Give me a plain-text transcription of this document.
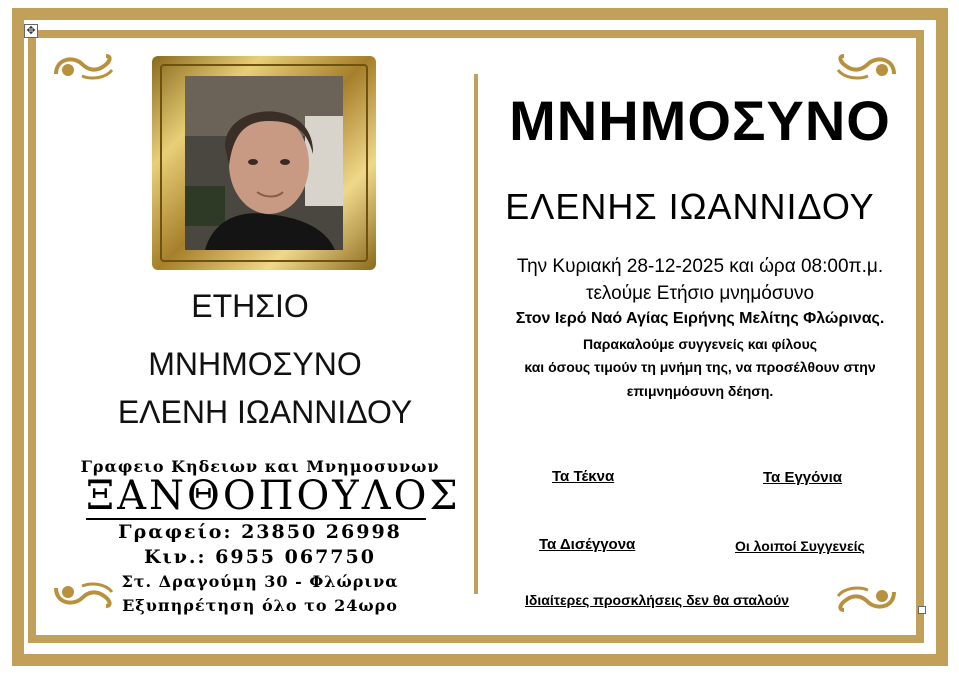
✥
ΕΤΗΣΙΟ
ΜΝΗΜΟΣΥΝΟ
ΕΛΕΝΗ ΙΩΑΝΝΙΔΟΥ
Γραφειο Κηδειων και Μνημοσυνων
ΞΑΝΘΟΠΟΥΛΟΣ
Γραφείο: 23850 26998
Κιν.: 6955 067750
Στ. Δραγούμη 30 - Φλώρινα
Εξυπηρέτηση όλο το 24ωρο
ΜΝΗΜΟΣΥΝΟ
ΕΛΕΝΗΣ ΙΩΑΝΝΙΔΟΥ
Την Κυριακή 28-12-2025 και ώρα 08:00π.μ.
τελούμε Ετήσιο μνημόσυνο
Στον Ιερό Ναό Αγίας Ειρήνης Μελίτης Φλώρινας.
Παρακαλούμε συγγενείς και φίλους
και όσους τιμούν τη μνήμη της, να προσέλθουν στην
επιμνημόσυνη δέηση.
Τα Τέκνα	Τα Εγγόνια
Τα Δισέγγονα	Οι λοιποί Συγγενείς
Ιδιαίτερες προσκλήσεις δεν θα σταλούν
